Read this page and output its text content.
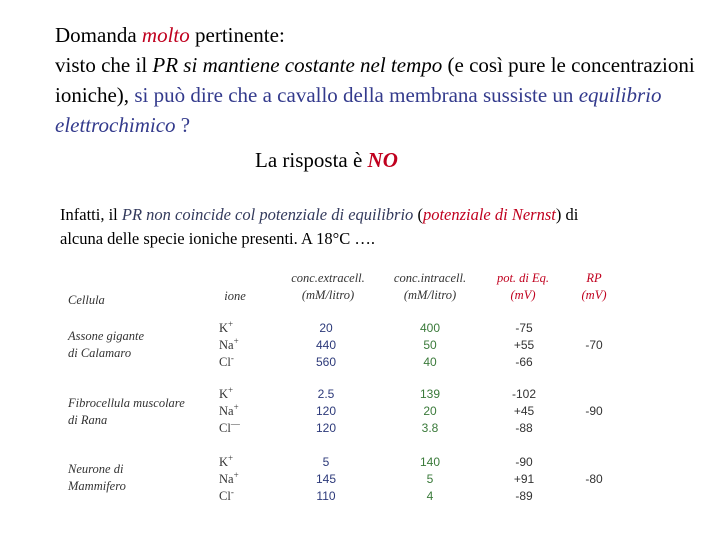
Domanda molto pertinente:

visto che il PR si mantiene costante nel tempo (e così pure le concentrazioni ioniche), si può dire che a cavallo della membrana sussiste un equilibrio elettrochimico ?

La risposta è NO
Infatti, il PR non coincide col potenziale di equilibrio (potenziale di Nernst) di alcuna delle specie ioniche presenti. A 18°C ….
Cellula	ione
conc.extracell.
(mM/litro)
conc.intracell.
(mM/litro)
pot. di Eq.
(mV)
RP
(mV)
Assone gigante
di Calamaro
K+
Na+
Cl-
20
440
560
400
50
40
-75
+55
-66
-70
Fibrocellula muscolare
di Rana
K+
Na+
Cl—
2.5
120
120
139
20
3.8
-102
+45
-88
-90
Neurone di
Mammifero
K+
Na+
Cl-
5
145
110
140
5
4
-90
+91
-89
-80
